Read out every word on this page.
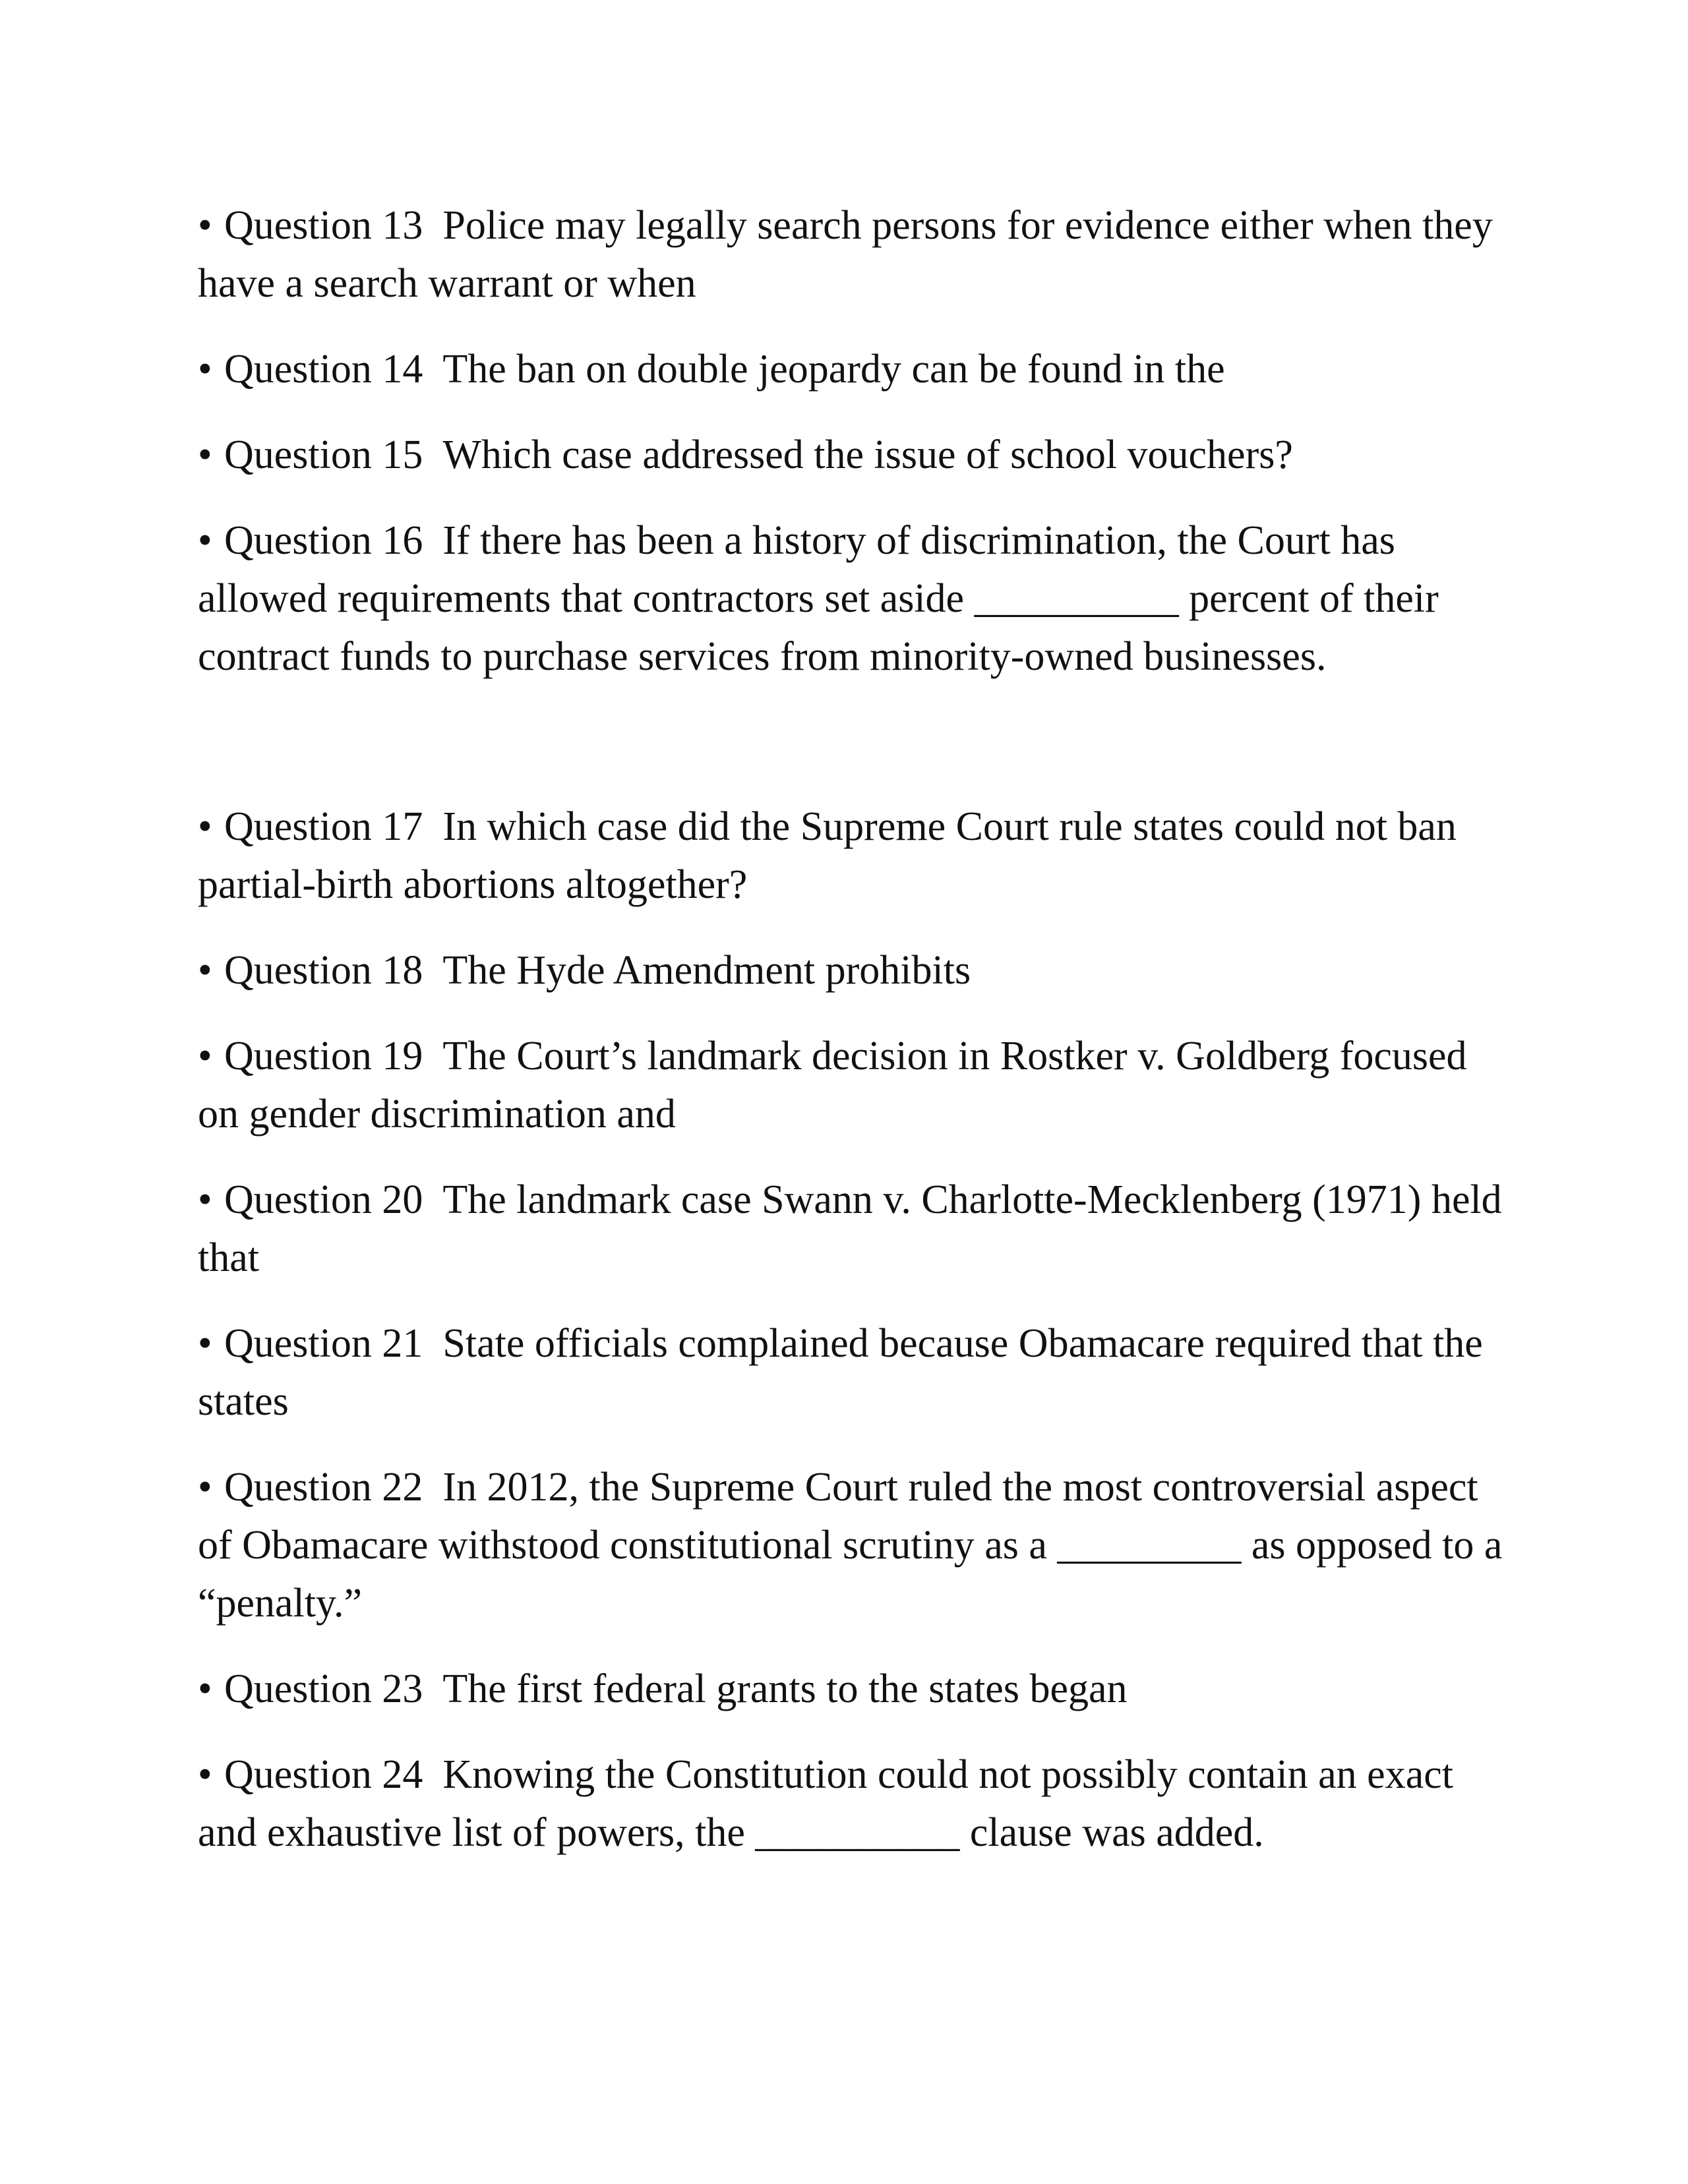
• Question 13 Police may legally search persons for evidence either when they have a search warrant or when

• Question 14 The ban on double jeopardy can be found in the

• Question 15 Which case addressed the issue of school vouchers?

• Question 16 If there has been a history of discrimination, the Court has allowed requirements that contractors set aside __________ percent of their contract funds to purchase services from minority-owned businesses.

• Question 17 In which case did the Supreme Court rule states could not ban partial-birth abortions altogether?

• Question 18 The Hyde Amendment prohibits

• Question 19 The Court’s landmark decision in Rostker v. Goldberg focused on gender discrimination and

• Question 20 The landmark case Swann v. Charlotte-Mecklenberg (1971) held that

• Question 21 State officials complained because Obamacare required that the states

• Question 22 In 2012, the Supreme Court ruled the most controversial aspect of Obamacare withstood constitutional scrutiny as a _________ as opposed to a “penalty.”

• Question 23 The first federal grants to the states began

• Question 24 Knowing the Constitution could not possibly contain an exact and exhaustive list of powers, the __________ clause was added.
